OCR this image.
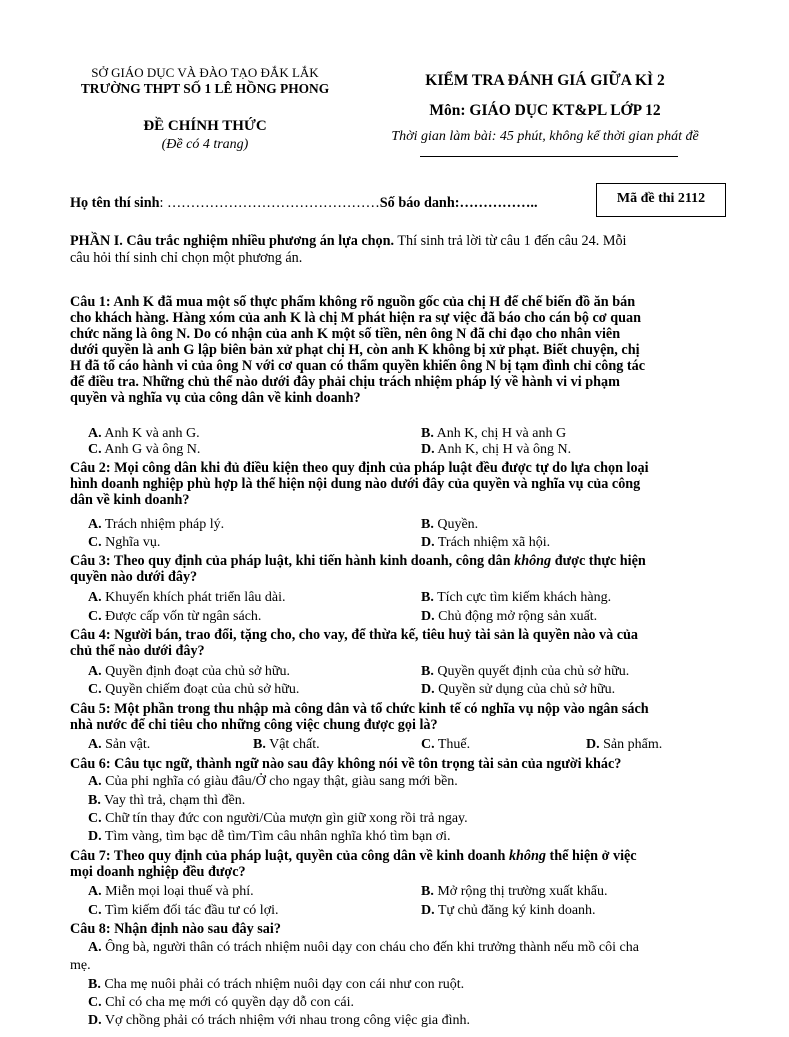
SỞ GIÁO DỤC VÀ ĐÀO TẠO ĐẮK LẮK
TRƯỜNG THPT SỐ 1 LÊ HỒNG PHONG
ĐỀ CHÍNH THỨC
(Đề có 4 trang)
KIỂM TRA ĐÁNH GIÁ GIỮA KÌ 2
Môn: GIÁO DỤC KT&PL LỚP 12
Thời gian làm bài: 45 phút, không kể thời gian phát đề
Họ tên thí sinh: ………………………………………Số báo danh:……………..	Mã đề thi 2112
PHẦN I. Câu trắc nghiệm nhiều phương án lựa chọn. Thí sinh trả lời từ câu 1 đến câu 24. Mỗi
câu hỏi thí sinh chỉ chọn một phương án.
Câu 1: Anh K đã mua một số thực phẩm không rõ nguồn gốc của chị H để chế biến đồ ăn bán
cho khách hàng. Hàng xóm của anh K là chị M phát hiện ra sự việc đã báo cho cán bộ cơ quan
chức năng là ông N. Do có nhận của anh K một số tiền, nên ông N đã chỉ đạo cho nhân viên
dưới quyền là anh G lập biên bản xử phạt chị H, còn anh K không bị xử phạt. Biết chuyện, chị
H đã tố cáo hành vi của ông N với cơ quan có thẩm quyền khiến ông N bị tạm đình chỉ công tác
để điều tra. Những chủ thể nào dưới đây phải chịu trách nhiệm pháp lý về hành vi vi phạm
quyền và nghĩa vụ của công dân về kinh doanh?
A. Anh K và anh G.	B. Anh K, chị H và anh G
C. Anh G và ông N.	D. Anh K, chị H và ông N.
Câu 2: Mọi công dân khi đủ điều kiện theo quy định của pháp luật đều được tự do lựa chọn loại
hình doanh nghiệp phù hợp là thể hiện nội dung nào dưới đây của quyền và nghĩa vụ của công
dân về kinh doanh?
A. Trách nhiệm pháp lý.	B. Quyền.
C. Nghĩa vụ.	D. Trách nhiệm xã hội.
Câu 3: Theo quy định của pháp luật, khi tiến hành kinh doanh, công dân không được thực hiện
quyền nào dưới đây?
A. Khuyến khích phát triển lâu dài.	B. Tích cực tìm kiếm khách hàng.
C. Được cấp vốn từ ngân sách.	D. Chủ động mở rộng sản xuất.
Câu 4: Người bán, trao đổi, tặng cho, cho vay, để thừa kế, tiêu huỷ tài sản là quyền nào và của
chủ thể nào dưới đây?
A. Quyền định đoạt của chủ sở hữu.	B. Quyền quyết định của chủ sở hữu.
C. Quyền chiếm đoạt của chủ sở hữu.	D. Quyền sử dụng của chủ sở hữu.
Câu 5: Một phần trong thu nhập mà công dân và tổ chức kinh tế có nghĩa vụ nộp vào ngân sách
nhà nước để chi tiêu cho những công việc chung được gọi là?
A. Sản vật.	B. Vật chất.	C. Thuế.	D. Sản phẩm.
Câu 6: Câu tục ngữ, thành ngữ nào sau đây không nói về tôn trọng tài sản của người khác?
A. Của phi nghĩa có giàu đâu/Ở cho ngay thật, giàu sang mới bền.
B. Vay thì trả, chạm thì đền.
C. Chữ tín thay đức con người/Của mượn gìn giữ xong rồi trả ngay.
D. Tìm vàng, tìm bạc dễ tìm/Tìm câu nhân nghĩa khó tìm bạn ơi.
Câu 7: Theo quy định của pháp luật, quyền của công dân về kinh doanh không thể hiện ở việc
mọi doanh nghiệp đều được?
A. Miễn mọi loại thuế và phí.	B. Mở rộng thị trường xuất khẩu.
C. Tìm kiếm đối tác đầu tư có lợi.	D. Tự chủ đăng ký kinh doanh.
Câu 8: Nhận định nào sau đây sai?
A. Ông bà, người thân có trách nhiệm nuôi dạy con cháu cho đến khi trưởng thành nếu mồ côi cha
mẹ.
B. Cha mẹ nuôi phải có trách nhiệm nuôi dạy con cái như con ruột.
C. Chỉ có cha mẹ mới có quyền dạy dỗ con cái.
D. Vợ chồng phải có trách nhiệm với nhau trong công việc gia đình.
